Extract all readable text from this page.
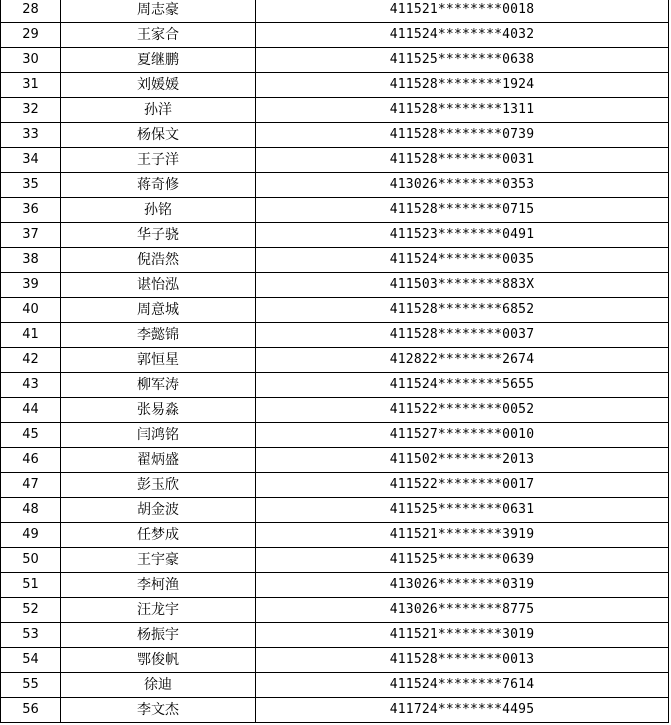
28	周志豪	411521********0018
29	王家合	411524********4032
30	夏继鹏	411525********0638
31	刘媛媛	411528********1924
32	孙洋	411528********1311
33	杨保文	411528********0739
34	王子洋	411528********0031
35	蒋奇修	413026********0353
36	孙铭	411528********0715
37	华子骁	411523********0491
38	倪浩然	411524********0035
39	谌怡泓	411503********883X
40	周意城	411528********6852
41	李懿锦	411528********0037
42	郭恒星	412822********2674
43	柳军涛	411524********5655
44	张易淼	411522********0052
45	闫鸿铭	411527********0010
46	翟炳盛	411502********2013
47	彭玉欣	411522********0017
48	胡金波	411525********0631
49	任梦成	411521********3919
50	王宇豪	411525********0639
51	李柯渔	413026********0319
52	汪龙宇	413026********8775
53	杨振宇	411521********3019
54	鄂俊帆	411528********0013
55	徐迪	411524********7614
56	李文杰	411724********4495
